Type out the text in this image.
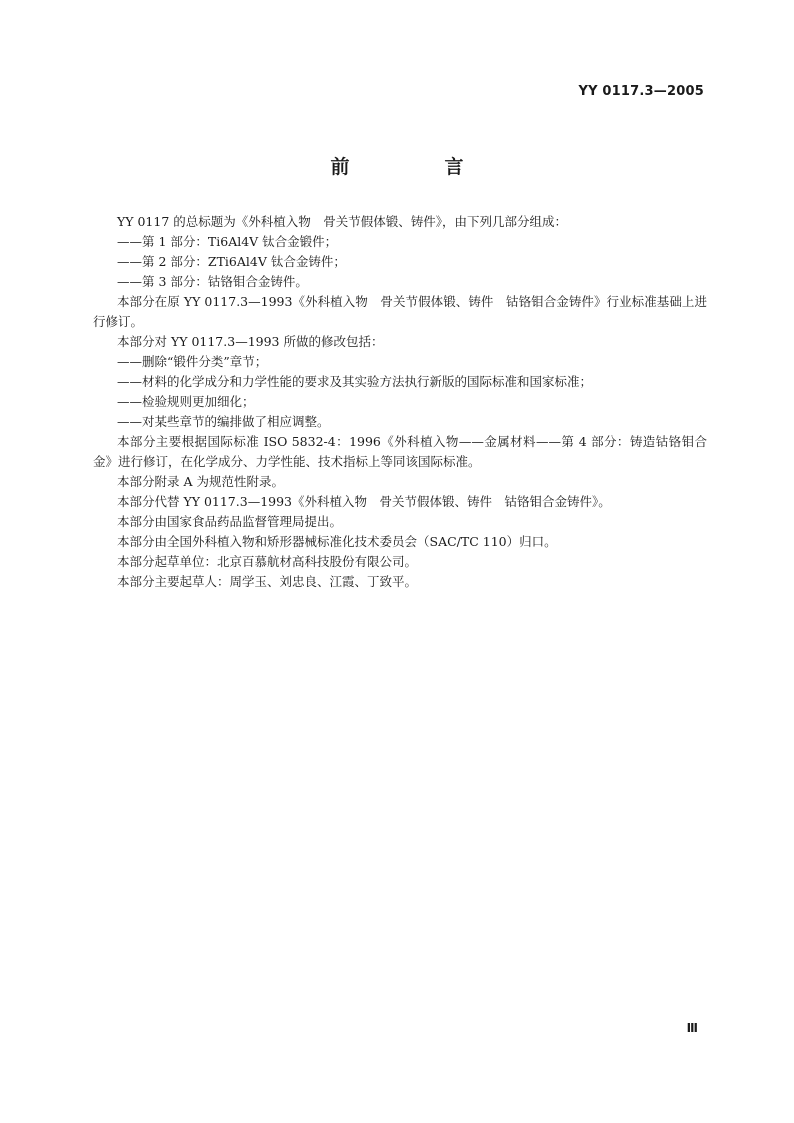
YY 0117.3—2005

前　言

YY 0117 的总标题为《外科植入物　骨关节假体锻、铸件》，由下列几部分组成：

——第 1 部分：Ti6Al4V 钛合金锻件；

——第 2 部分：ZTi6Al4V 钛合金铸件；

——第 3 部分：钴铬钼合金铸件。

本部分在原 YY 0117.3—1993《外科植入物　骨关节假体锻、铸件　钴铬钼合金铸件》行业标准基础上进行修订。

本部分对 YY 0117.3—1993 所做的修改包括：

——删除“锻件分类”章节；

——材料的化学成分和力学性能的要求及其实验方法执行新版的国际标准和国家标准；

——检验规则更加细化；

——对某些章节的编排做了相应调整。

本部分主要根据国际标准 ISO 5832-4：1996《外科植入物——金属材料——第 4 部分：铸造钴铬钼合金》进行修订，在化学成分、力学性能、技术指标上等同该国际标准。

本部分附录 A 为规范性附录。

本部分代替 YY 0117.3—1993《外科植入物　骨关节假体锻、铸件　钴铬钼合金铸件》。

本部分由国家食品药品监督管理局提出。

本部分由全国外科植入物和矫形器械标准化技术委员会（SAC/TC 110）归口。

本部分起草单位：北京百慕航材高科技股份有限公司。

本部分主要起草人：周学玉、刘忠良、江霞、丁致平。

Ⅲ
